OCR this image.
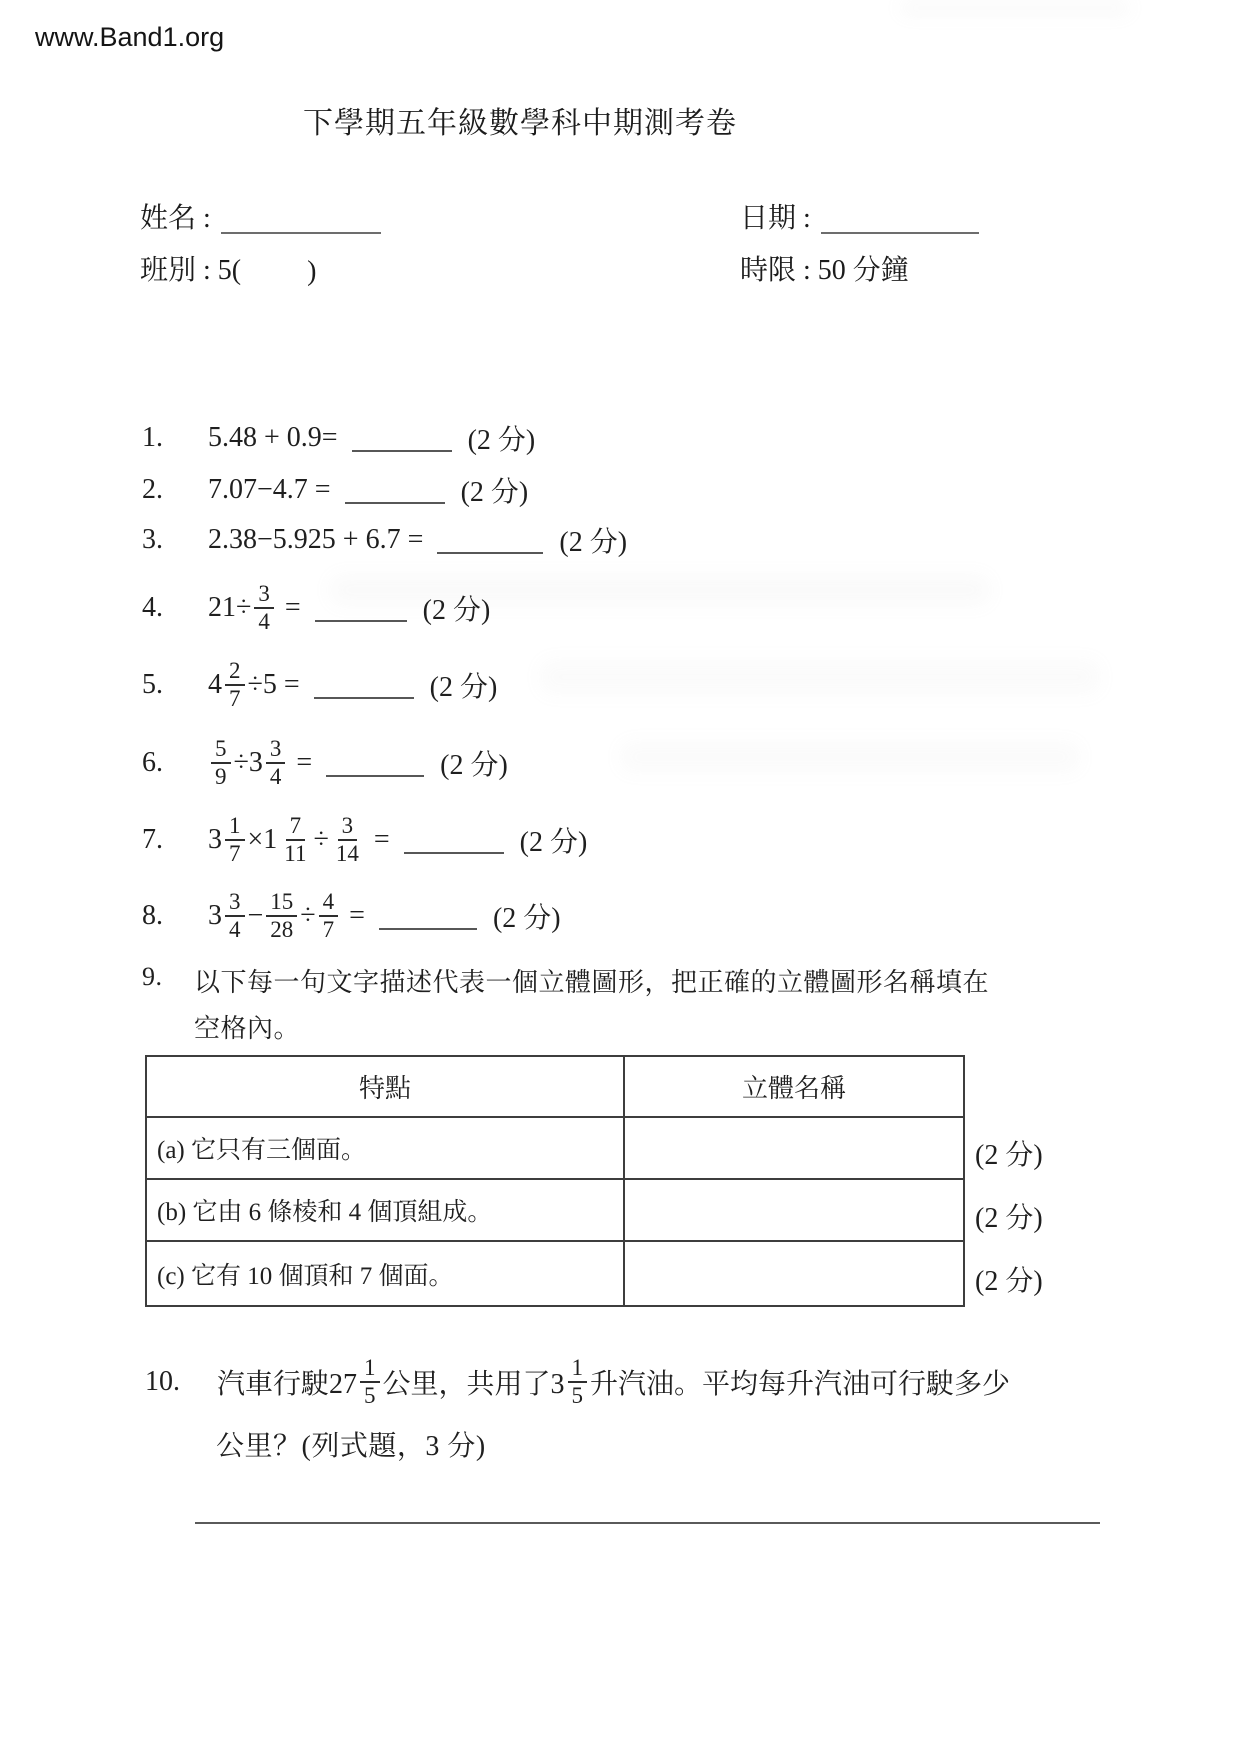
www.Band1.org
下學期五年級數學科中期測考卷
姓名 :	日期 :
班別 : 5( )	時限 : 50 分鐘
1.	5.48 + 0.9=	(2 分)
2.	7.07−4.7 =	(2 分)
3.	2.38−5.925 + 6.7 =	(2 分)
4.	$21\div \frac{3}{4}$ =	(2 分)
5.	$4 \frac{2}{7} \div 5$ =	(2 分)
6.	$\frac{5}{9} \div 3 \frac{3}{4}$ =	(2 分)
7.	$3 \frac{1}{7} \times 1 \frac{7}{11} \div \frac{3}{14}$ =	(2 分)
8.	$3 \frac{3}{4} - \frac{15}{28} \div \frac{4}{7}$ =	(2 分)
9. 以下每一句文字描述代表一個立體圖形，把正確的立體圖形名稱填在
空格內。
特點	立體名稱
(a) 它只有三個面。
(b) 它由 6 條棱和 4 個頂組成。
(c) 它有 10 個頂和 7 個面。
(2 分)
(2 分)
(2 分)
10.	汽車行駛$27 \frac{1}{5}$ 公里，共用了$3 \frac{1}{5}$ 升汽油。平均每升汽油可行駛多少
公里？(列式題，3 分)
